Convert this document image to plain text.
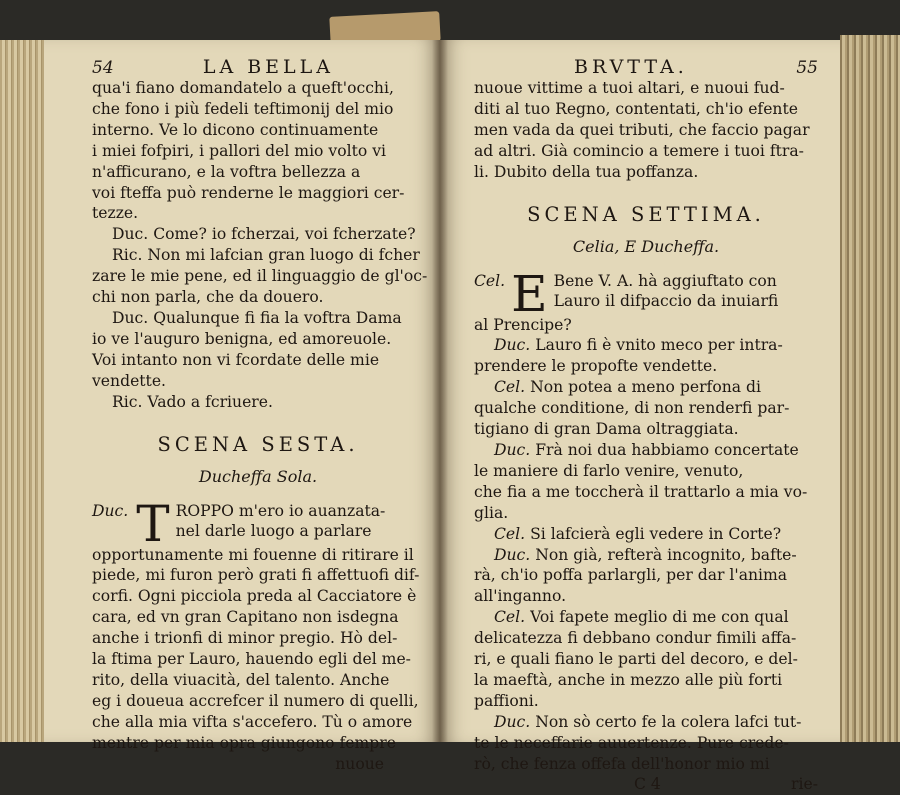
54	LA BELLA
qua'i fiano domandatelo a queft'occhi,
che fono i più fedeli teftimonij del mio
interno. Ve lo dicono continuamente
i miei fofpiri, i pallori del mio volto vi
n'afficurano, e la voftra bellezza a
voi fteffa può renderne le maggiori cer-
tezze.
Duc. Come? io fcherzai, voi fcherzate?
Ric. Non mi lafcian gran luogo di fcher
zare le mie pene, ed il linguaggio de gl'oc-
chi non parla, che da douero.
Duc. Qualunque fi fia la voftra Dama
io ve l'auguro benigna, ed amoreuole.
Voi intanto non vi fcordate delle mie
vendette.
Ric. Vado a fcriuere.
SCENA SESTA.
Ducheffa Sola.
Duc. T ROPPO m'ero io auanzata-
nel darle luogo a parlare
opportunamente mi fouenne di ritirare il
piede, mi furon però grati fi affettuofi dif-
corfi. Ogni picciola preda al Cacciatore è
cara, ed vn gran Capitano non isdegna
anche i trionfi di minor pregio. Hò del-
la ftima per Lauro, hauendo egli del me-
rito, della viuacità, del talento. Anche
eg i doueua accrefcer il numero di quelli,
che alla mia vifta s'accefero. Tù o amore
mentre per mia opra giungono fempre
nuoue
BRVTTA.	55
nuoue vittime a tuoi altari, e nuoui fud-
diti al tuo Regno, contentati, ch'io efente
men vada da quei tributi, che faccio pagar
ad altri. Già comincio a temere i tuoi ftra-
li. Dubito della tua poffanza.
SCENA SETTIMA.
Celia, E Ducheffa.
Cel. E Bene V. A. hà aggiuftato con
Lauro il difpaccio da inuiarfi
al Prencipe?
Duc. Lauro fi è vnito meco per intra-
prendere le propofte vendette.
Cel. Non potea a meno perfona di
qualche conditione, di non renderfi par-
tigiano di gran Dama oltraggiata.
Duc. Frà noi dua habbiamo concertate
le maniere di farlo venire, venuto,
che fia a me toccherà il trattarlo a mia vo-
glia.
Cel. Si lafcierà egli vedere in Corte?
Duc. Non già, refterà incognito, bafte-
rà, ch'io poffa parlargli, per dar l'anima
all'inganno.
Cel. Voi fapete meglio di me con qual
delicatezza fi debbano condur fimili affa-
ri, e quali fiano le parti del decoro, e del-
la maeftà, anche in mezzo alle più forti
paffioni.
Duc. Non sò certo fe la colera lafci tut-
te le neceffarie auuertenze. Pure crede-
rò, che fenza offefa dell'honor mio mi
C 4	rie-
